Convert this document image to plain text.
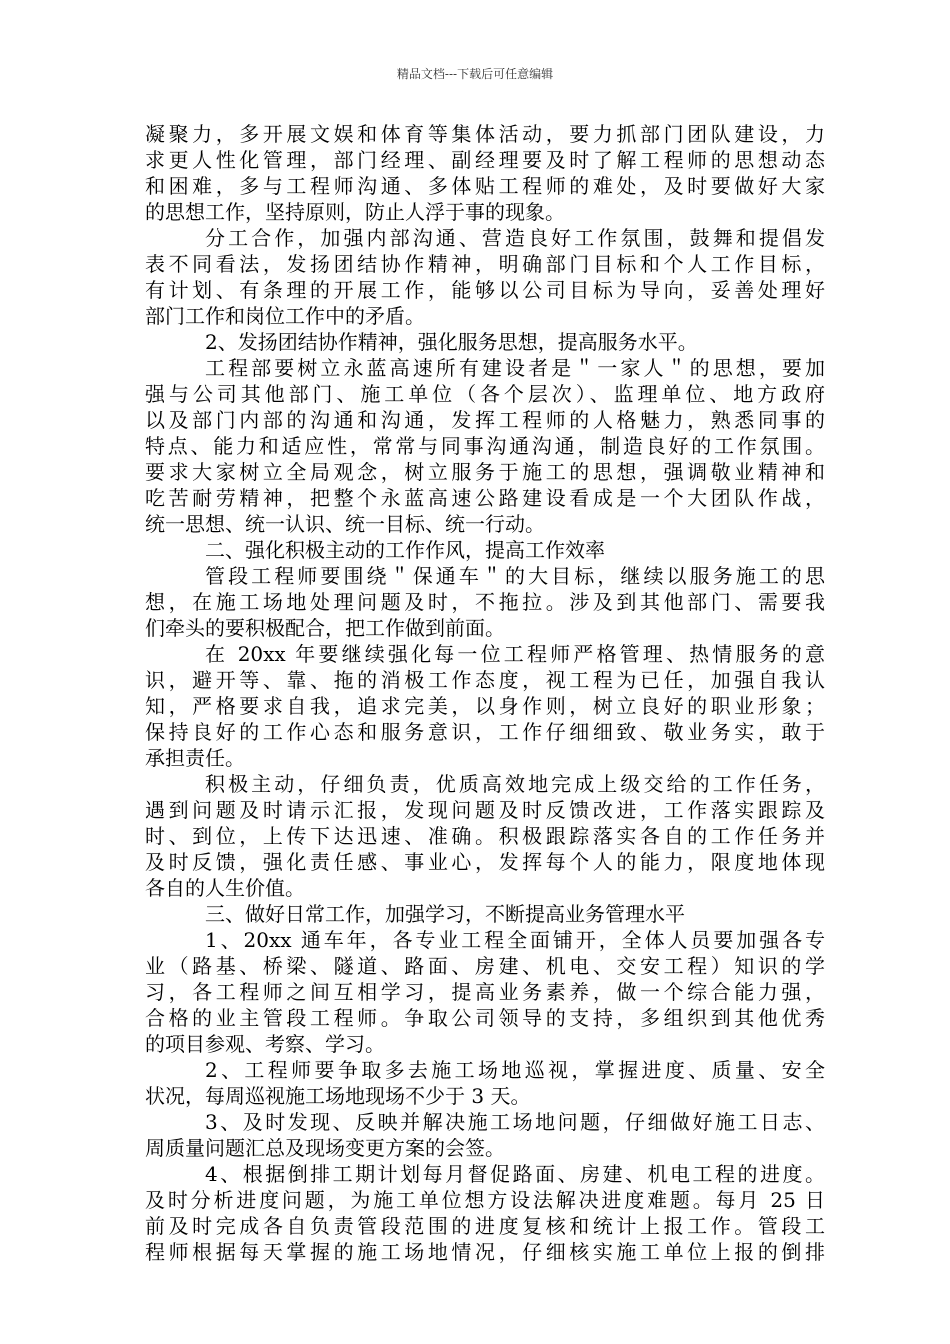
精品文档---下载后可任意编辑
凝聚力，多开展文娱和体育等集体活动，要力抓部门团队建设，力
求更人性化管理，部门经理、副经理要及时了解工程师的思想动态
和困难，多与工程师沟通、多体贴工程师的难处，及时要做好大家
的思想工作，坚持原则，防止人浮于事的现象。
分工合作，加强内部沟通、营造良好工作氛围，鼓舞和提倡发
表不同看法，发扬团结协作精神，明确部门目标和个人工作目标，
有计划、有条理的开展工作，能够以公司目标为导向，妥善处理好
部门工作和岗位工作中的矛盾。
2、发扬团结协作精神，强化服务思想，提高服务水平。
工程部要树立永蓝高速所有建设者是＂一家人＂的思想，要加
强与公司其他部门、施工单位（各个层次）、监理单位、地方政府
以及部门内部的沟通和沟通，发挥工程师的人格魅力，熟悉同事的
特点、能力和适应性，常常与同事沟通沟通，制造良好的工作氛围。
要求大家树立全局观念，树立服务于施工的思想，强调敬业精神和
吃苦耐劳精神，把整个永蓝高速公路建设看成是一个大团队作战，
统一思想、统一认识、统一目标、统一行动。
二、强化积极主动的工作作风，提高工作效率
管段工程师要围绕＂保通车＂的大目标，继续以服务施工的思
想，在施工场地处理问题及时，不拖拉。涉及到其他部门、需要我
们牵头的要积极配合，把工作做到前面。
在 20xx 年要继续强化每一位工程师严格管理、热情服务的意
识，避开等、靠、拖的消极工作态度，视工程为已任，加强自我认
知，严格要求自我，追求完美，以身作则，树立良好的职业形象；
保持良好的工作心态和服务意识，工作仔细细致、敬业务实，敢于
承担责任。
积极主动，仔细负责，优质高效地完成上级交给的工作任务，
遇到问题及时请示汇报，发现问题及时反馈改进，工作落实跟踪及
时、到位，上传下达迅速、准确。积极跟踪落实各自的工作任务并
及时反馈，强化责任感、事业心，发挥每个人的能力，限度地体现
各自的人生价值。
三、做好日常工作，加强学习，不断提高业务管理水平
1、20xx 通车年，各专业工程全面铺开，全体人员要加强各专
业（路基、桥梁、隧道、路面、房建、机电、交安工程）知识的学
习，各工程师之间互相学习，提高业务素养，做一个综合能力强，
合格的业主管段工程师。争取公司领导的支持，多组织到其他优秀
的项目参观、考察、学习。
2、工程师要争取多去施工场地巡视，掌握进度、质量、安全
状况，每周巡视施工场地现场不少于 3 天。
3、及时发现、反映并解决施工场地问题，仔细做好施工日志、
周质量问题汇总及现场变更方案的会签。
4、根据倒排工期计划每月督促路面、房建、机电工程的进度。
及时分析进度问题，为施工单位想方设法解决进度难题。每月 25 日
前及时完成各自负责管段范围的进度复核和统计上报工作。管段工
程师根据每天掌握的施工场地情况，仔细核实施工单位上报的倒排
